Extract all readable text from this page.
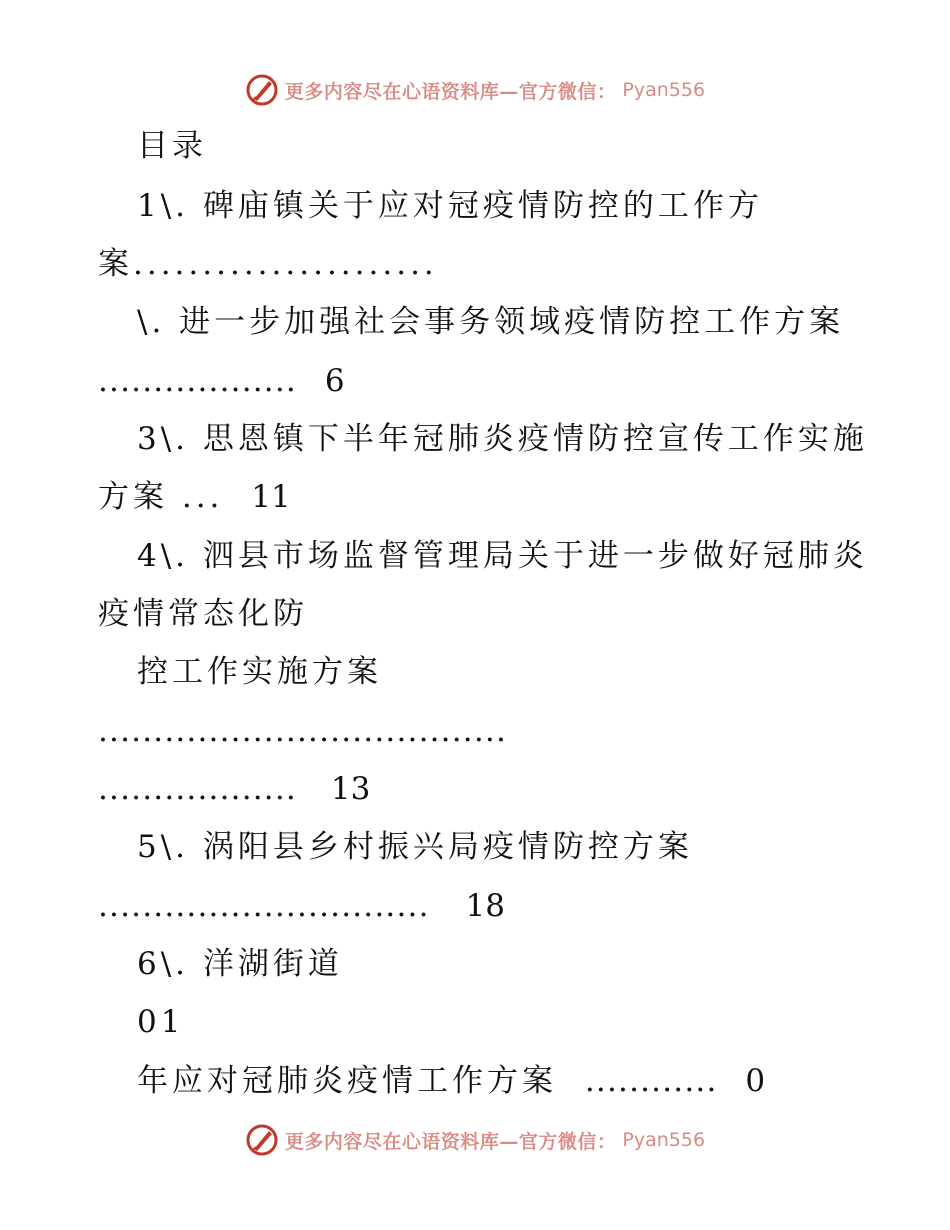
更多内容尽在心语资料库—官方微信： Pyan556
目录
1\. 碑庙镇关于应对冠疫情防控的工作方
案......................
\. 进一步加强社会事务领域疫情防控工作方案
.................. 6
3\. 思恩镇下半年冠肺炎疫情防控宣传工作实施
方案 ... 11
4\. 泗县市场监督管理局关于进一步做好冠肺炎
疫情常态化防
控工作实施方案
.....................................
.................. 13
5\. 涡阳县乡村振兴局疫情防控方案
.............................. 18
6\. 洋湖街道
01
年应对冠肺炎疫情工作方案 ............ 0
更多内容尽在心语资料库—官方微信： Pyan556
